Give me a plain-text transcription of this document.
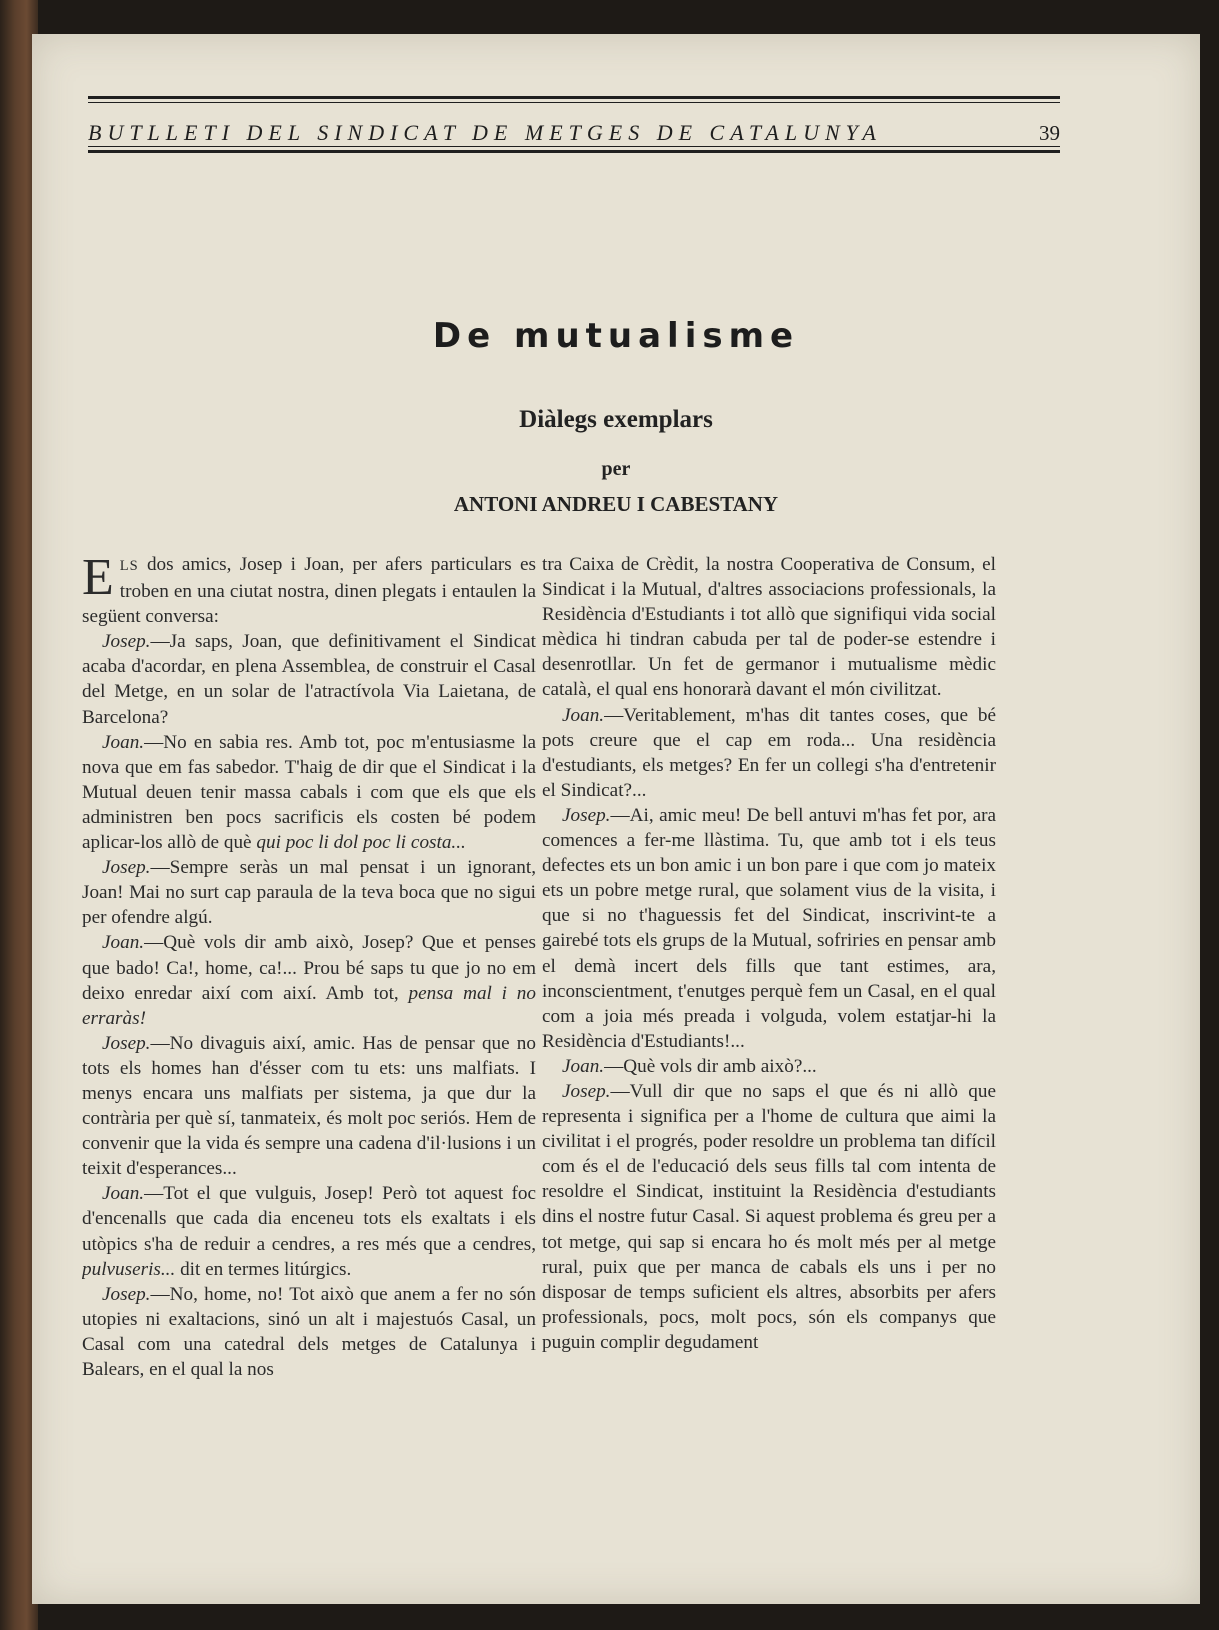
BUTLLETI DEL SINDICAT DE METGES DE CATALUNYA	39
De mutualisme
Diàlegs exemplars
per
ANTONI ANDREU I CABESTANY

ELS dos amics, Josep i Joan, per afers particulars es troben en una ciutat nostra, dinen plegats i entaulen la següent conversa:

Josep.—Ja saps, Joan, que definitivament el Sindicat acaba d'acordar, en plena Assemblea, de construir el Casal del Metge, en un solar de l'atractívola Via Laietana, de Barcelona?

Joan.—No en sabia res. Amb tot, poc m'entusiasme la nova que em fas sabedor. T'haig de dir que el Sindicat i la Mutual deuen tenir massa cabals i com que els que els administren ben pocs sacrificis els costen bé podem aplicar-los allò de què qui poc li dol poc li costa...

Josep.—Sempre seràs un mal pensat i un ignorant, Joan! Mai no surt cap paraula de la teva boca que no sigui per ofendre algú.

Joan.—Què vols dir amb això, Josep? Que et penses que bado! Ca!, home, ca!... Prou bé saps tu que jo no em deixo enredar així com així. Amb tot, pensa mal i no erraràs!

Josep.—No divaguis així, amic. Has de pensar que no tots els homes han d'ésser com tu ets: uns malfiats. I menys encara uns malfiats per sistema, ja que dur la contrària per què sí, tanmateix, és molt poc seriós. Hem de convenir que la vida és sempre una cadena d'il·lusions i un teixit d'esperances...

Joan.—Tot el que vulguis, Josep! Però tot aquest foc d'encenalls que cada dia enceneu tots els exaltats i els utòpics s'ha de reduir a cendres, a res més que a cendres, pulvuseris... dit en termes litúrgics.

Josep.—No, home, no! Tot això que anem a fer no són utopies ni exaltacions, sinó un alt i majestuós Casal, un Casal com una catedral dels metges de Catalunya i Balears, en el qual la nos

tra Caixa de Crèdit, la nostra Cooperativa de Consum, el Sindicat i la Mutual, d'altres associacions professionals, la Residència d'Estudiants i tot allò que signifiqui vida social mèdica hi tindran cabuda per tal de poder-se estendre i desenrotllar. Un fet de germanor i mutualisme mèdic català, el qual ens honorarà davant el món civilitzat.

Joan.—Veritablement, m'has dit tantes coses, que bé pots creure que el cap em roda... Una residència d'estudiants, els metges? En fer un collegi s'ha d'entretenir el Sindicat?...

Josep.—Ai, amic meu! De bell antuvi m'has fet por, ara comences a fer-me llàstima. Tu, que amb tot i els teus defectes ets un bon amic i un bon pare i que com jo mateix ets un pobre metge rural, que solament vius de la visita, i que si no t'haguessis fet del Sindicat, inscrivint-te a gairebé tots els grups de la Mutual, sofriries en pensar amb el demà incert dels fills que tant estimes, ara, inconscientment, t'enutges perquè fem un Casal, en el qual com a joia més preada i volguda, volem estatjar-hi la Residència d'Estudiants!...

Joan.—Què vols dir amb això?...

Josep.—Vull dir que no saps el que és ni allò que representa i significa per a l'home de cultura que aimi la civilitat i el progrés, poder resoldre un problema tan difícil com és el de l'educació dels seus fills tal com intenta de resoldre el Sindicat, instituint la Residència d'estudiants dins el nostre futur Casal. Si aquest problema és greu per a tot metge, qui sap si encara ho és molt més per al metge rural, puix que per manca de cabals els uns i per no disposar de temps suficient els altres, absorbits per afers professionals, pocs, molt pocs, són els companys que puguin complir degudament
